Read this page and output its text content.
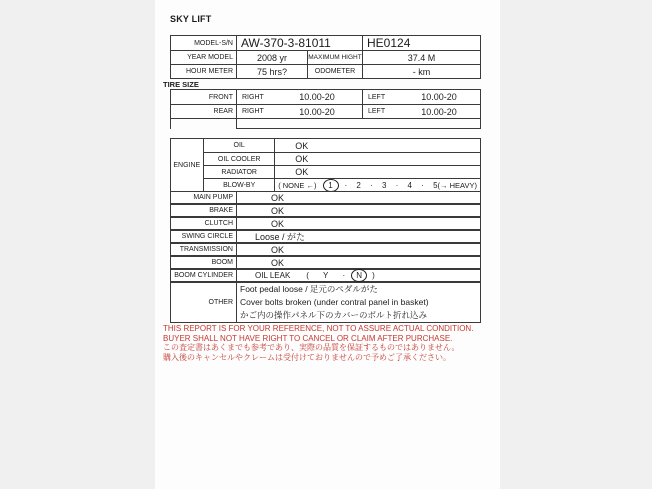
SKY LIFT
MODEL-S/N AW-370-3-81011	HE0124
YEAR MODEL	2008 yr	MAXIMUM HIGHT	37.4 M
HOUR METER	75 hrs?	ODOMETER	- km
TIRE SIZE
FRONT	RIGHT	10.00-20	LEFT	10.00-20
REAR	RIGHT	10.00-20	LEFT	10.00-20
ENGINE
OIL	OK
OIL COOLER	OK
RADIATOR	OK
BLOW-BY	( NONE ←)	1	· 2 · 3 · 4 · 5 (→ HEAVY)
MAIN PUMP	OK
BRAKE	OK
CLUTCH	OK
SWING CIRCLE	Loose / がた
TRANSMISSION	OK
BOOM	OK
BOOM CYLINDER	OIL LEAK ( Y ·	N	)
OTHER
Foot pedal loose / 足元のペダルがた
Cover bolts broken (under contral panel in basket)
かご内の操作パネル下のカバーのボルト折れ込み
THIS REPORT IS FOR YOUR REFERENCE, NOT TO ASSURE ACTUAL CONDITION.
BUYER SHALL NOT HAVE RIGHT TO CANCEL OR CLAIM AFTER PURCHASE.
この査定書はあくまでも参考であり、実際の品質を保証するものではありません。
購入後のキャンセルやクレームは受付けておりませんので予めご了承ください。
